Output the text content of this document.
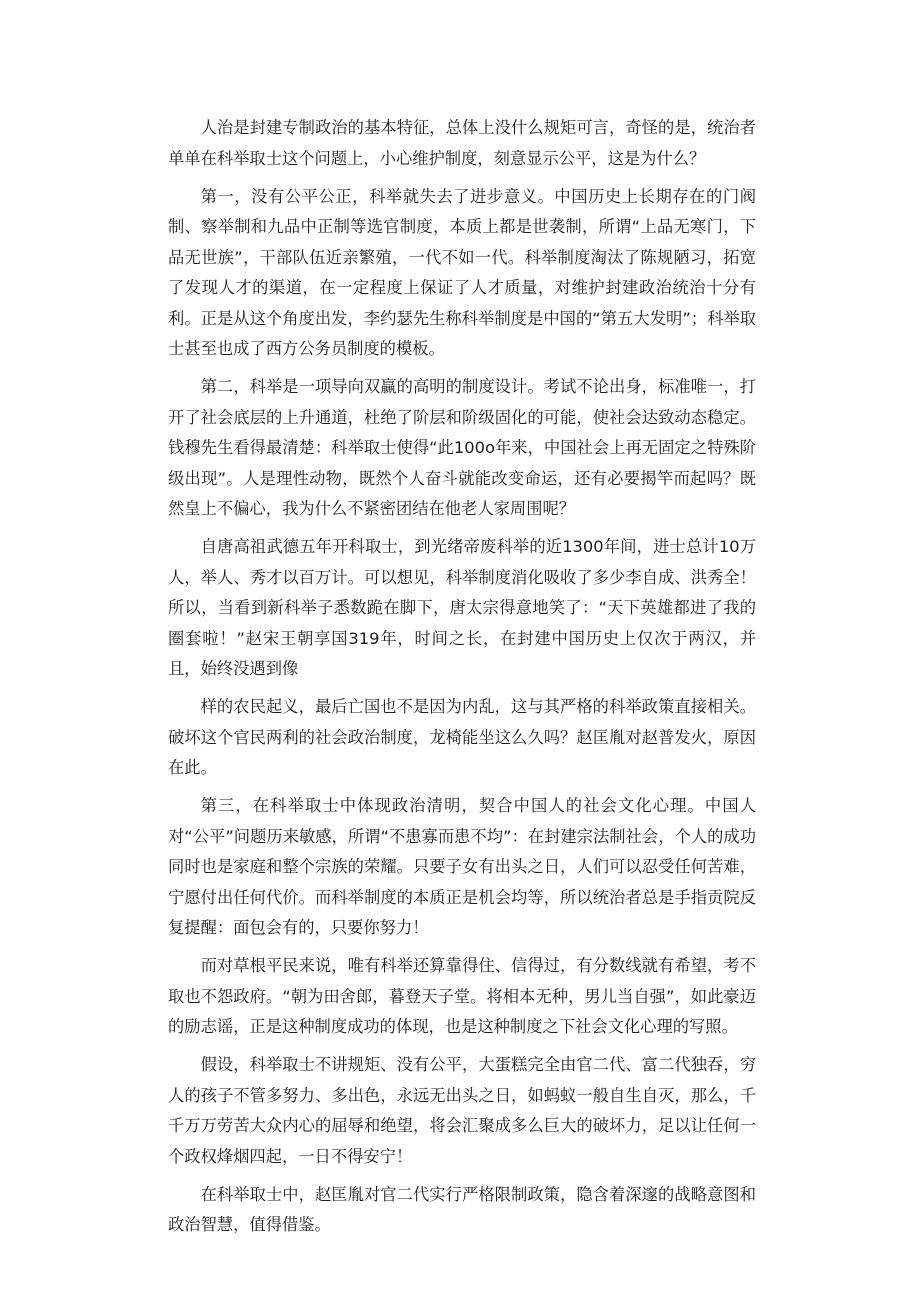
人治是封建专制政治的基本特征，总体上没什么规矩可言，奇怪的是，统治者单单在科举取士这个问题上，小心维护制度，刻意显示公平，这是为什么？

第一，没有公平公正，科举就失去了进步意义。中国历史上长期存在的门阀制、察举制和九品中正制等选官制度，本质上都是世袭制，所谓“上品无寒门，下品无世族”，干部队伍近亲繁殖，一代不如一代。科举制度淘汰了陈规陋习，拓宽了发现人才的渠道，在一定程度上保证了人才质量，对维护封建政治统治十分有利。正是从这个角度出发，李约瑟先生称科举制度是中国的“第五大发明”；科举取士甚至也成了西方公务员制度的模板。

第二，科举是一项导向双赢的高明的制度设计。考试不论出身，标准唯一，打开了社会底层的上升通道，杜绝了阶层和阶级固化的可能，使社会达致动态稳定。钱穆先生看得最清楚：科举取士使得“此100o年来，中国社会上再无固定之特殊阶级出现”。人是理性动物，既然个人奋斗就能改变命运，还有必要揭竿而起吗？既然皇上不偏心，我为什么不紧密团结在他老人家周围呢？

自唐高祖武德五年开科取士，到光绪帝废科举的近1300年间，进士总计10万人，举人、秀才以百万计。可以想见，科举制度消化吸收了多少李自成、洪秀全！所以，当看到新科举子悉数跪在脚下，唐太宗得意地笑了：“天下英雄都进了我的圈套啦！”赵宋王朝享国319年，时间之长，在封建中国历史上仅次于两汉，并且，始终没遇到像

样的农民起义，最后亡国也不是因为内乱，这与其严格的科举政策直接相关。破坏这个官民两利的社会政治制度，龙椅能坐这么久吗？赵匡胤对赵普发火，原因在此。

第三，在科举取士中体现政治清明，契合中国人的社会文化心理。中国人对“公平”问题历来敏感，所谓“不患寡而患不均”：在封建宗法制社会，个人的成功同时也是家庭和整个宗族的荣耀。只要子女有出头之日，人们可以忍受任何苦难，宁愿付出任何代价。而科举制度的本质正是机会均等，所以统治者总是手指贡院反复提醒：面包会有的，只要你努力！

而对草根平民来说，唯有科举还算靠得住、信得过，有分数线就有希望，考不取也不怨政府。“朝为田舍郎，暮登天子堂。将相本无种，男儿当自强”，如此豪迈的励志谣，正是这种制度成功的体现，也是这种制度之下社会文化心理的写照。

假设，科举取士不讲规矩、没有公平，大蛋糕完全由官二代、富二代独吞，穷人的孩子不管多努力、多出色，永远无出头之日，如蚂蚁一般自生自灭，那么，千千万万劳苦大众内心的屈辱和绝望，将会汇聚成多么巨大的破坏力，足以让任何一个政权烽烟四起，一日不得安宁！

在科举取士中，赵匡胤对官二代实行严格限制政策，隐含着深邃的战略意图和政治智慧，值得借鉴。
